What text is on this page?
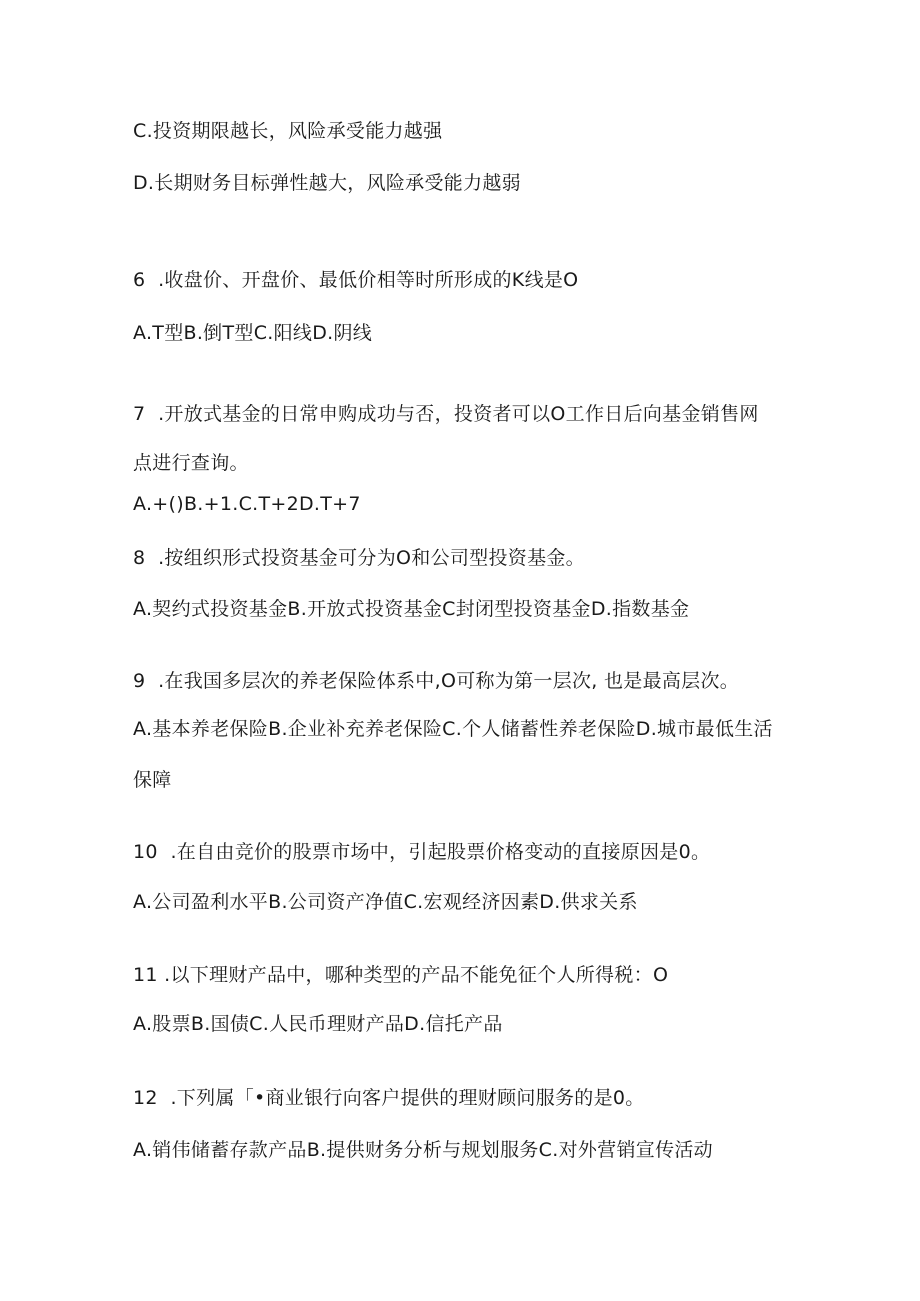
C.投资期限越长，风险承受能力越强
D.长期财务目标弹性越大，风险承受能力越弱
6  .收盘价、开盘价、最低价相等时所形成的K线是O
A.T型B.倒T型C.阳线D.阴线
7  .开放式基金的日常申购成功与否，投资者可以O工作日后向基金销售网
点进行查询。
A.+()B.+1.C.T+2D.T+7
8  .按组织形式投资基金可分为O和公司型投资基金。
A.契约式投资基金B.开放式投资基金C封闭型投资基金D.指数基金
9  .在我国多层次的养老保险体系中,O可称为第一层次, 也是最高层次。
A.基本养老保险B.企业补充养老保险C.个人储蓄性养老保险D.城市最低生活
保障
10  .在自由竞价的股票市场中，引起股票价格变动的直接原因是0。
A.公司盈利水平B.公司资产净值C.宏观经济因素D.供求关系
11 .以下理财产品中，哪种类型的产品不能免征个人所得税：O
A.股票B.国债C.人民币理财产品D.信托产品
12  .下列属「•商业银行向客户提供的理财顾问服务的是0。
A.销伟储蓄存款产品B.提供财务分析与规划服务C.对外营销宣传活动
